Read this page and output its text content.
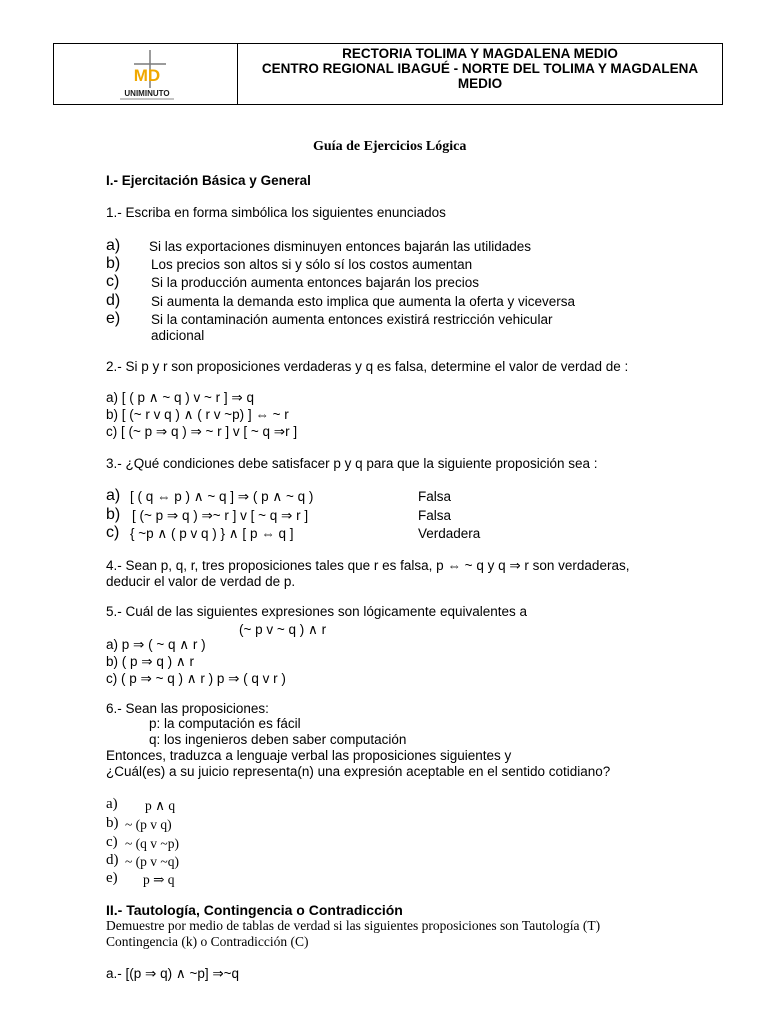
MD
UNIMINUTO
RECTORIA TOLIMA Y MAGDALENA MEDIO
CENTRO REGIONAL IBAGUÉ - NORTE DEL TOLIMA Y MAGDALENA
MEDIO
Guía de Ejercicios Lógica
I.- Ejercitación Básica y General
1.- Escriba en forma simbólica los siguientes enunciados
a) Si las exportaciones disminuyen entonces bajarán las utilidades
b) Los precios son altos si y sólo sí los costos aumentan
c) Si la producción aumenta entonces bajarán los precios
d) Si aumenta la demanda esto implica que aumenta la oferta y viceversa
e) Si la contaminación aumenta entonces existirá restricción vehicular
adicional
2.- Si p y r son proposiciones verdaderas y q es falsa, determine el valor de verdad de :
a) [ ( p ∧ ~ q ) v ~ r ] ⇒ q
b) [ (~ r v q ) ∧ ( r v ~p) ] ⇔ ~ r
c) [ (~ p ⇒ q ) ⇒ ~ r ] v [ ~ q ⇒r ]
3.- ¿Qué condiciones debe satisfacer p y q para que la siguiente proposición sea :
a) [ ( q ⇔ p ) ∧ ~ q ] ⇒ ( p ∧ ~ q )	Falsa
b) [ (~ p ⇒ q ) ⇒~ r ] v [ ~ q ⇒ r ]	Falsa
c) { ~p ∧ ( p v q ) } ∧ [ p ⇔ q ]	Verdadera
4.- Sean p, q, r, tres proposiciones tales que r es falsa, p ⇔ ~ q y q ⇒ r son verdaderas,
deducir el valor de verdad de p.
5.- Cuál de las siguientes expresiones son lógicamente equivalentes a
(~ p v ~ q ) ∧ r
a) p ⇒ ( ~ q ∧ r )
b) ( p ⇒ q ) ∧ r
c) ( p ⇒ ~ q ) ∧ r ) p ⇒ ( q v r )
6.- Sean las proposiciones:
p: la computación es fácil
q: los ingenieros deben saber computación
Entonces, traduzca a lenguaje verbal las proposiciones siguientes y
¿Cuál(es) a su juicio representa(n) una expresión aceptable en el sentido cotidiano?
a) p ∧ q
b) ~ (p v q)
c) ~ (q v ~p)
d) ~ (p v ~q)
e) p ⇒ q
II.- Tautología, Contingencia o Contradicción
Demuestre por medio de tablas de verdad si las siguientes proposiciones son Tautología (T)
Contingencia (k) o Contradicción (C)
a.- [(p ⇒ q) ∧ ~p] ⇒~q
